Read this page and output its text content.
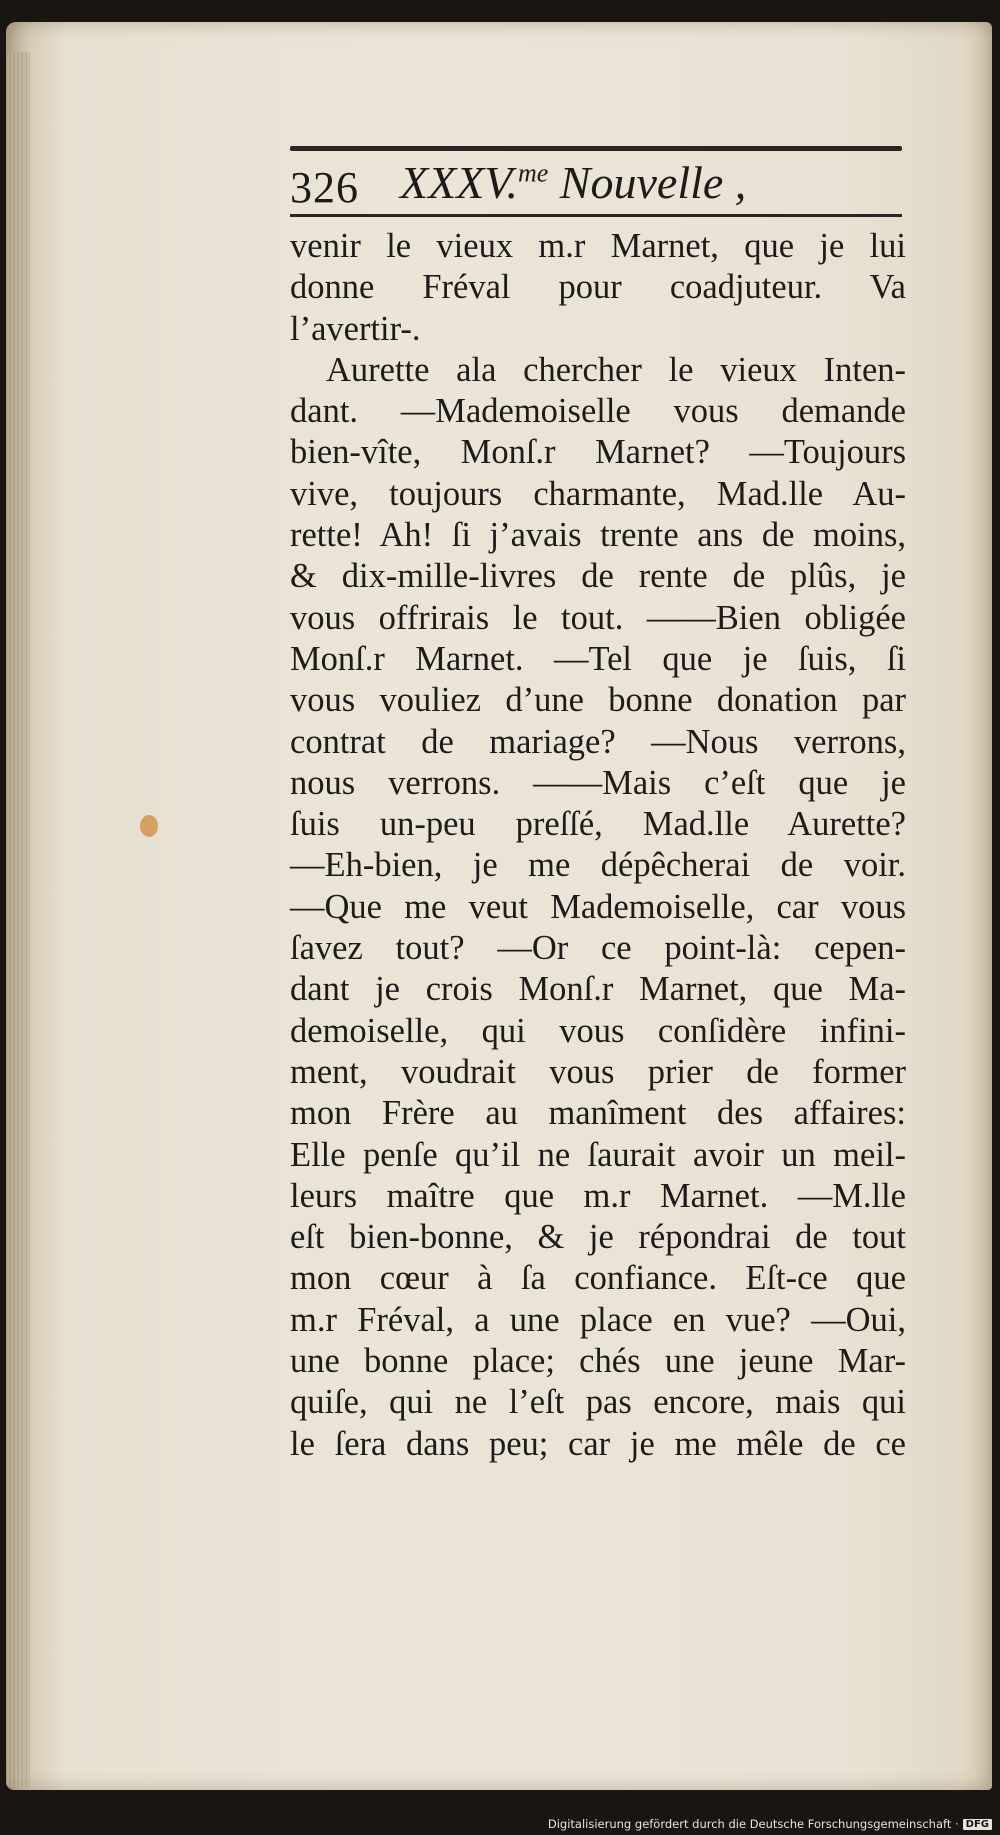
326 XXXV.$^{me}$ Nouvelle ,
venir le vieux m.r Marnet, que je lui
donne Fréval pour coadjuteur. Va
l’avertir-.
Aurette ala chercher le vieux Inten-
dant. —Mademoiselle vous demande
bien-vîte, Monſ.r Marnet? —Toujours
vive, toujours charmante, Mad.lle Au-
rette! Ah! ſi j’avais trente ans de moins,
& dix-mille-livres de rente de plûs, je
vous offrirais le tout. ——Bien obligée
Monſ.r Marnet. —Tel que je ſuis, ſi
vous vouliez d’une bonne donation par
contrat de mariage? —Nous verrons,
nous verrons. ——Mais c’eſt que je
ſuis un-peu preſſé, Mad.lle Aurette?
—Eh-bien, je me dépêcherai de voir.
—Que me veut Mademoiselle, car vous
ſavez tout? —Or ce point-là: cepen-
dant je crois Monſ.r Marnet, que Ma-
demoiselle, qui vous conſidère infini-
ment, voudrait vous prier de former
mon Frère au manîment des affaires:
Elle penſe qu’il ne ſaurait avoir un meil-
leurs maître que m.r Marnet. —M.lle
eſt bien-bonne, & je répondrai de tout
mon cœur à ſa confiance. Eſt-ce que
m.r Fréval, a une place en vue? —Oui,
une bonne place; chés une jeune Mar-
quiſe, qui ne l’eſt pas encore, mais qui
le ſera dans peu; car je me mêle de ce
Digitalisierung gefördert durch die Deutsche Forschungsgemeinschaft · DFG
